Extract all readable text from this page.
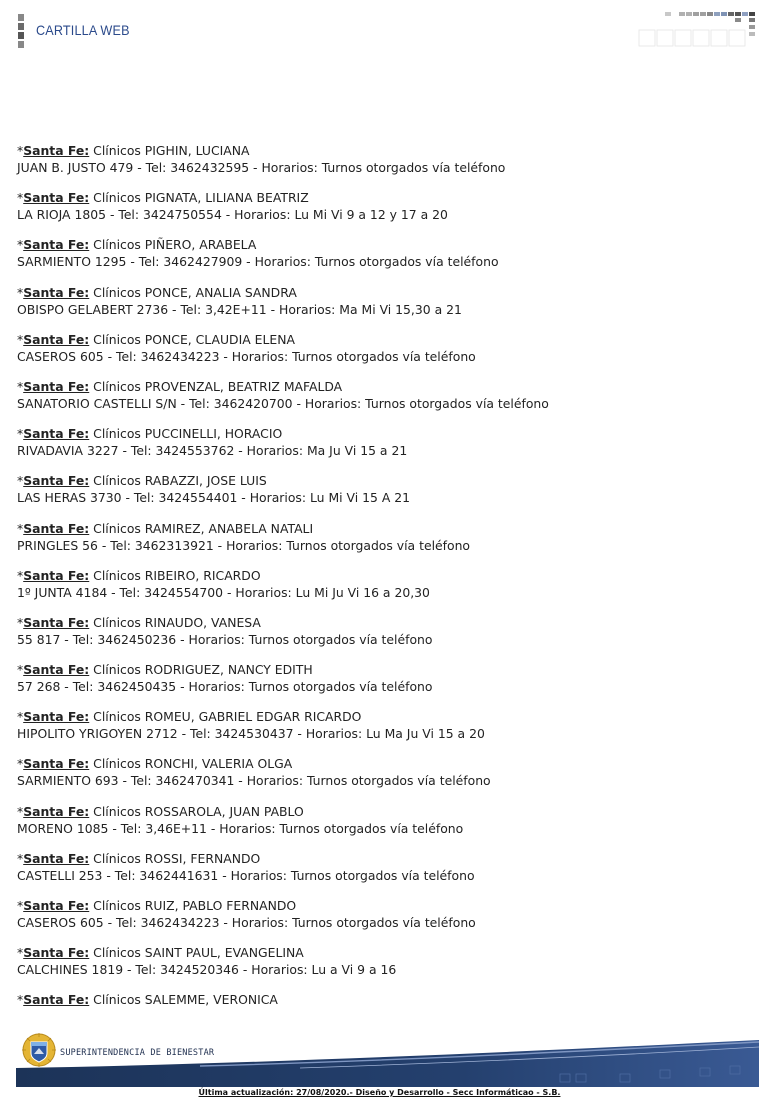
CARTILLA WEB
*Santa Fe: Clínicos PIGHIN, LUCIANA
JUAN B. JUSTO 479 - Tel: 3462432595 - Horarios: Turnos otorgados vía teléfono
*Santa Fe: Clínicos PIGNATA, LILIANA BEATRIZ
LA RIOJA 1805 - Tel: 3424750554 - Horarios: Lu Mi Vi 9 a 12 y 17 a 20
*Santa Fe: Clínicos PIÑERO, ARABELA
SARMIENTO 1295 - Tel: 3462427909 - Horarios: Turnos otorgados vía teléfono
*Santa Fe: Clínicos PONCE, ANALIA SANDRA
OBISPO GELABERT 2736 - Tel: 3,42E+11 - Horarios: Ma Mi Vi 15,30 a 21
*Santa Fe: Clínicos PONCE, CLAUDIA ELENA
CASEROS 605 - Tel: 3462434223 - Horarios: Turnos otorgados vía teléfono
*Santa Fe: Clínicos PROVENZAL, BEATRIZ MAFALDA
SANATORIO CASTELLI S/N - Tel: 3462420700 - Horarios: Turnos otorgados vía teléfono
*Santa Fe: Clínicos PUCCINELLI, HORACIO
RIVADAVIA 3227 - Tel: 3424553762 - Horarios: Ma Ju Vi 15 a 21
*Santa Fe: Clínicos RABAZZI, JOSE LUIS
LAS HERAS 3730 - Tel: 3424554401 - Horarios: Lu Mi Vi 15 A 21
*Santa Fe: Clínicos RAMIREZ, ANABELA NATALI
PRINGLES 56 - Tel: 3462313921 - Horarios: Turnos otorgados vía teléfono
*Santa Fe: Clínicos RIBEIRO, RICARDO
1º JUNTA 4184 - Tel: 3424554700 - Horarios: Lu Mi Ju Vi 16 a 20,30
*Santa Fe: Clínicos RINAUDO, VANESA
55 817 - Tel: 3462450236 - Horarios: Turnos otorgados vía teléfono
*Santa Fe: Clínicos RODRIGUEZ, NANCY EDITH
57 268 - Tel: 3462450435 - Horarios: Turnos otorgados vía teléfono
*Santa Fe: Clínicos ROMEU, GABRIEL EDGAR RICARDO
HIPOLITO YRIGOYEN 2712 - Tel: 3424530437 - Horarios: Lu Ma Ju Vi 15 a 20
*Santa Fe: Clínicos RONCHI, VALERIA OLGA
SARMIENTO 693 - Tel: 3462470341 - Horarios: Turnos otorgados vía teléfono
*Santa Fe: Clínicos ROSSAROLA, JUAN PABLO
MORENO 1085 - Tel: 3,46E+11 - Horarios: Turnos otorgados vía teléfono
*Santa Fe: Clínicos ROSSI, FERNANDO
CASTELLI 253 - Tel: 3462441631 - Horarios: Turnos otorgados vía teléfono
*Santa Fe: Clínicos RUIZ, PABLO FERNANDO
CASEROS 605 - Tel: 3462434223 - Horarios: Turnos otorgados vía teléfono
*Santa Fe: Clínicos SAINT PAUL, EVANGELINA
CALCHINES 1819 - Tel: 3424520346 - Horarios: Lu a Vi 9 a 16
*Santa Fe: Clínicos SALEMME, VERONICA
SUPERINTENDENCIA DE BIENESTAR
Última actualización: 27/08/2020.- Diseño y Desarrollo - Secc Informáticao - S.B.
